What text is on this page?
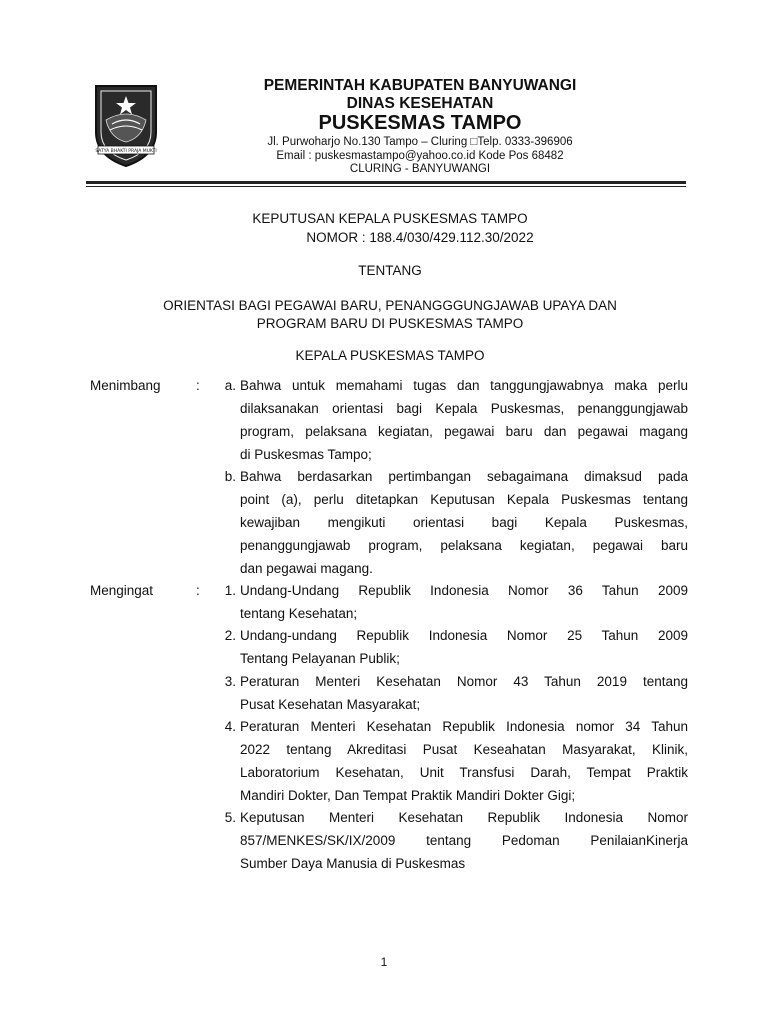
SATYA BHAKTI PRAJA MUKTI
PEMERINTAH KABUPATEN BANYUWANGI
DINAS KESEHATAN
PUSKESMAS TAMPO
Jl. Purwoharjo No.130 Tampo – Cluring □Telp. 0333-396906
Email : puskesmastampo@yahoo.co.id Kode Pos 68482
CLURING - BANYUWANGI
KEPUTUSAN KEPALA PUSKESMAS TAMPO
NOMOR : 188.4/030/429.112.30/2022
TENTANG
ORIENTASI BAGI PEGAWAI BARU, PENANGGGUNGJAWAB UPAYA DAN
PROGRAM BARU DI PUSKESMAS TAMPO
KEPALA PUSKESMAS TAMPO
Menimbang	:	a. Bahwa untuk memahami tugas dan tanggungjawabnya maka perlu
dilaksanakan orientasi bagi Kepala Puskesmas, penanggungjawab
program, pelaksana kegiatan, pegawai baru dan pegawai magang
di Puskesmas Tampo;
b. Bahwa berdasarkan pertimbangan sebagaimana dimaksud pada
point (a), perlu ditetapkan Keputusan Kepala Puskesmas tentang
kewajiban mengikuti orientasi bagi Kepala Puskesmas,
penanggungjawab program, pelaksana kegiatan, pegawai baru
dan pegawai magang.
Mengingat	:	1. Undang-Undang Republik Indonesia Nomor 36 Tahun 2009
tentang Kesehatan;
2. Undang-undang Republik Indonesia Nomor 25 Tahun 2009
Tentang Pelayanan Publik;
3. Peraturan Menteri Kesehatan Nomor 43 Tahun 2019 tentang
Pusat Kesehatan Masyarakat;
4. Peraturan Menteri Kesehatan Republik Indonesia nomor 34 Tahun
2022 tentang Akreditasi Pusat Keseahatan Masyarakat, Klinik,
Laboratorium Kesehatan, Unit Transfusi Darah, Tempat Praktik
Mandiri Dokter, Dan Tempat Praktik Mandiri Dokter Gigi;
5. Keputusan Menteri Kesehatan Republik Indonesia Nomor
857/MENKES/SK/IX/2009 tentang Pedoman PenilaianKinerja
Sumber Daya Manusia di Puskesmas
1
